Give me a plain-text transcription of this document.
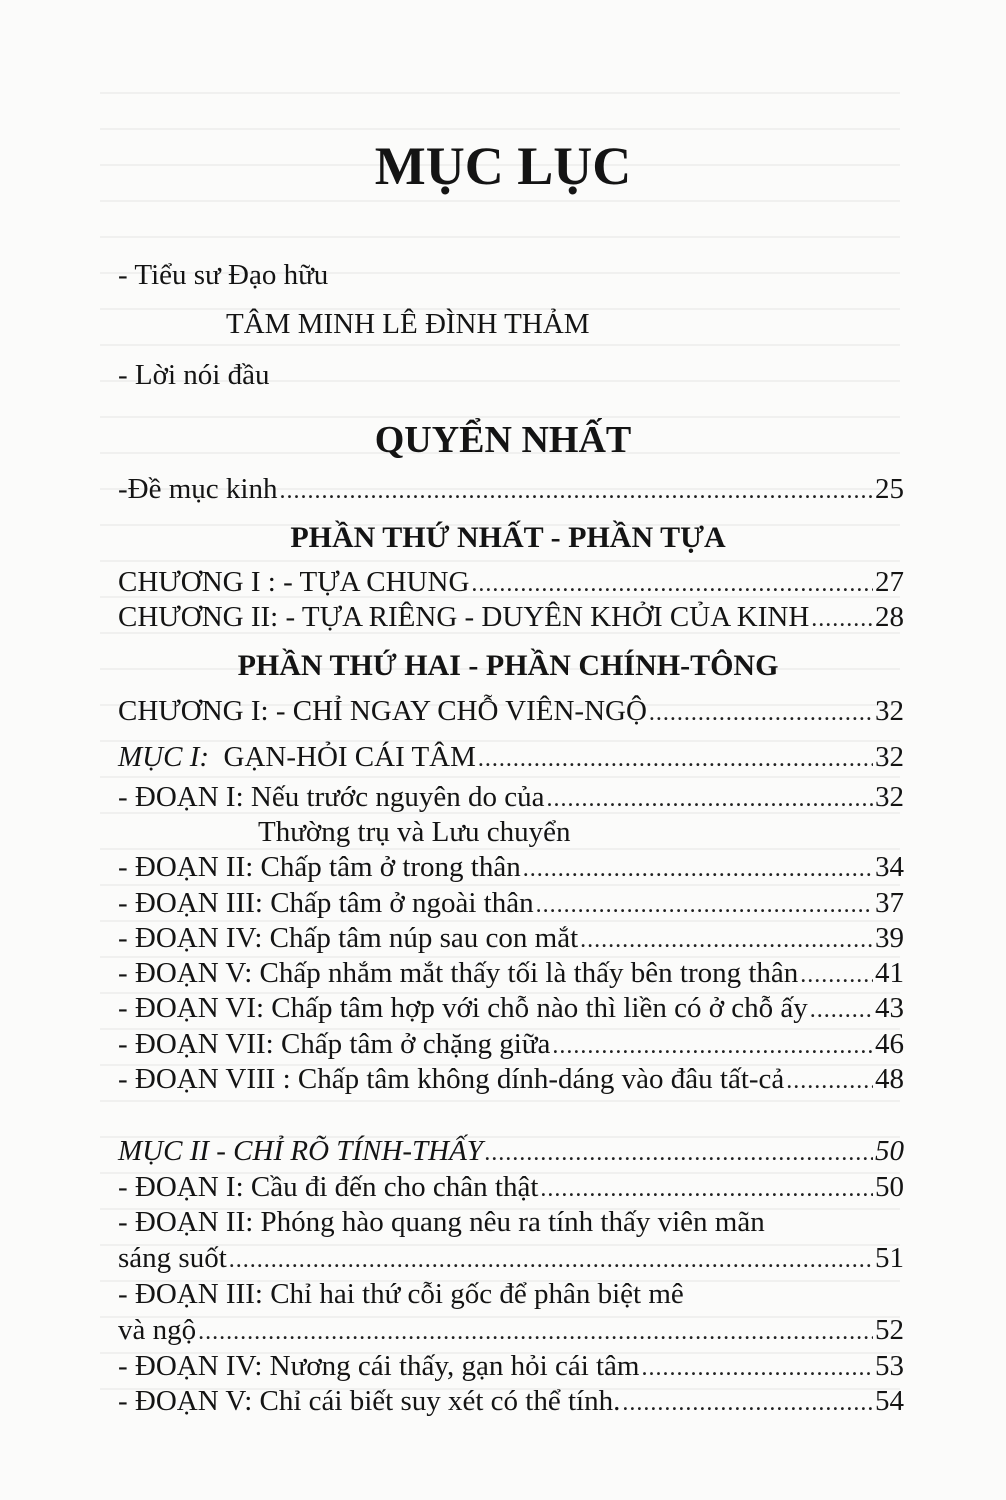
MỤC LỤC
- Tiểu sư Đạo hữu
TÂM MINH LÊ ĐÌNH THẢM
- Lời nói đầu
QUYỂN NHẤT
-Đề mục kinh .....	25
PHẦN THỨ NHẤT - PHẦN TỰA
CHƯƠNG I : - TỰA CHUNG .....	27
CHƯƠNG II: - TỰA RIÊNG - DUYÊN KHỞI CỦA KINH ..... 28
PHẦN THỨ HAI - PHẦN CHÍNH-TÔNG
CHƯƠNG I: - CHỈ NGAY CHỖ VIÊN-NGỘ .....	32
MỤC I: GẠN-HỎI CÁI TÂM .....	32
- ĐOẠN I: Nếu trước nguyên do của .....	32
Thường trụ và Lưu chuyển
- ĐOẠN II: Chấp tâm ở trong thân .....	34
- ĐOẠN III: Chấp tâm ở ngoài thân .....	37
- ĐOẠN IV: Chấp tâm núp sau con mắt .....	39
- ĐOẠN V: Chấp nhắm mắt thấy tối là thấy bên trong thân .....	41
- ĐOẠN VI: Chấp tâm hợp với chỗ nào thì liền có ở chỗ ấy ..... 43
- ĐOẠN VII: Chấp tâm ở chặng giữa .....	46
- ĐOẠN VIII : Chấp tâm không dính-dáng vào đâu tất-cả .....	48
MỤC II - CHỈ RÕ TÍNH-THẤY .....	50
- ĐOẠN I: Cầu đi đến cho chân thật .....	50
- ĐOẠN II: Phóng hào quang nêu ra tính thấy viên mãn
sáng suốt .....	51
- ĐOẠN III: Chỉ hai thứ cỗi gốc để phân biệt mê
và ngộ .....	52
- ĐOẠN IV: Nương cái thấy, gạn hỏi cái tâm .....	53
- ĐOẠN V: Chỉ cái biết suy xét có thể tính. .....	54
